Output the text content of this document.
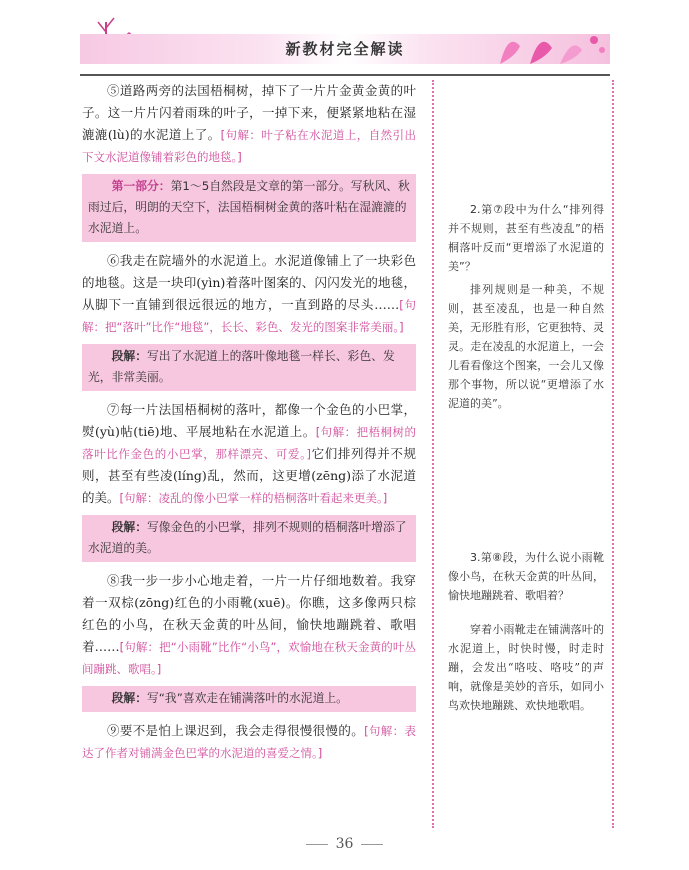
新教材完全解读

⑤道路两旁的法国梧桐树，掉下了一片片金黄金黄的叶子。这一片片闪着雨珠的叶子，一掉下来，便紧紧地粘在湿漉漉(lù)的水泥道上了。[句解：叶子粘在水泥道上，自然引出下文水泥道像铺着彩色的地毯。]

第一部分：第1～5自然段是文章的第一部分。写秋风、秋雨过后，明朗的天空下，法国梧桐树金黄的落叶粘在湿漉漉的水泥道上。

⑥我走在院墙外的水泥道上。水泥道像铺上了一块彩色的地毯。这是一块印(yìn)着落叶图案的、闪闪发光的地毯，从脚下一直铺到很远很远的地方，一直到路的尽头……[句解：把“落叶”比作“地毯”，长长、彩色、发光的图案非常美丽。]

段解：写出了水泥道上的落叶像地毯一样长、彩色、发光，非常美丽。

⑦每一片法国梧桐树的落叶，都像一个金色的小巴掌，熨(yù)帖(tiē)地、平展地粘在水泥道上。[句解：把梧桐树的落叶比作金色的小巴掌，那样漂亮、可爱。]它们排列得并不规则，甚至有些凌(líng)乱，然而，这更增(zēng)添了水泥道的美。[句解：凌乱的像小巴掌一样的梧桐落叶看起来更美。]

段解：写像金色的小巴掌，排列不规则的梧桐落叶增添了水泥道的美。

⑧我一步一步小心地走着，一片一片仔细地数着。我穿着一双棕(zōng)红色的小雨靴(xuē)。你瞧，这多像两只棕红色的小鸟，在秋天金黄的叶丛间，愉快地蹦跳着、歌唱着……[句解：把“小雨靴”比作“小鸟”，欢愉地在秋天金黄的叶丛间蹦跳、歌唱。]

段解：写“我”喜欢走在铺满落叶的水泥道上。

⑨要不是怕上课迟到，我会走得很慢很慢的。[句解：表达了作者对铺满金色巴掌的水泥道的喜爱之情。]

2.第⑦段中为什么“排列得并不规则，甚至有些凌乱”的梧桐落叶反而“更增添了水泥道的美”？
排列规则是一种美，不规则，甚至凌乱，也是一种自然美，无形胜有形，它更独特、灵灵。走在凌乱的水泥道上，一会儿看看像这个图案，一会儿又像那个事物，所以说“更增添了水泥道的美”。
3.第⑧段，为什么说小雨靴像小鸟，在秋天金黄的叶丛间，愉快地蹦跳着、歌唱着？
穿着小雨靴走在铺满落叶的水泥道上，时快时慢，时走时蹦，会发出“咯吱、咯吱”的声响，就像是美妙的音乐，如同小鸟欢快地蹦跳、欢快地歌唱。
36
